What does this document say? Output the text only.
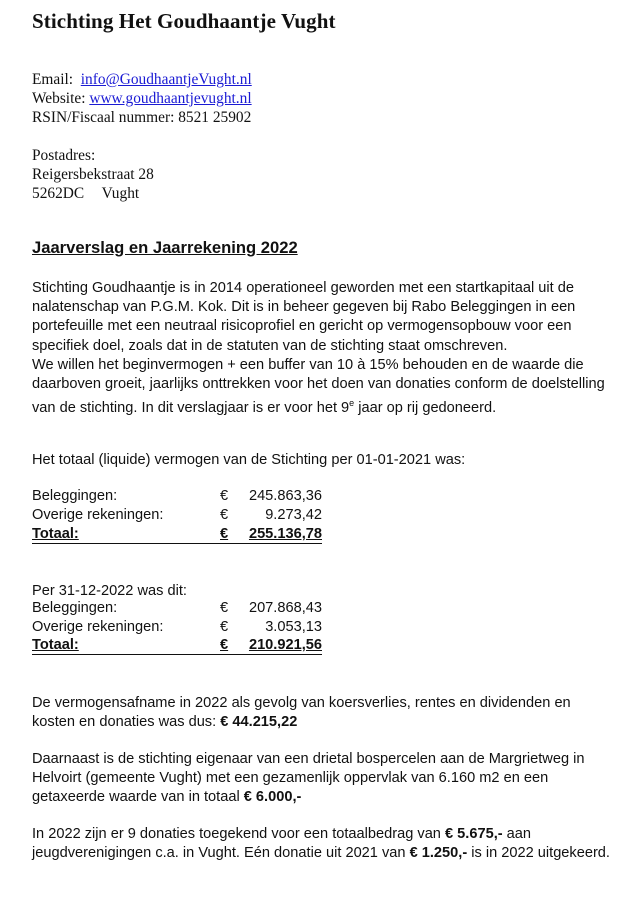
Stichting Het Goudhaantje Vught
Email: info@GoudhaantjeVught.nl
Website: www.goudhaantjevught.nl
RSIN/Fiscaal nummer: 8521 25902
Postadres:
Reigersbekstraat 28
5262DC Vught
Jaarverslag en Jaarrekening 2022

Stichting Goudhaantje is in 2014 operationeel geworden met een startkapitaal uit de nalatenschap van P.G.M. Kok. Dit is in beheer gegeven bij Rabo Beleggingen in een portefeuille met een neutraal risicoprofiel en gericht op vermogensopbouw voor een specifiek doel, zoals dat in de statuten van de stichting staat omschreven.

We willen het beginvermogen + een buffer van 10 à 15% behouden en de waarde die daarboven groeit, jaarlijks onttrekken voor het doen van donaties conform de doelstelling van de stichting. In dit verslagjaar is er voor het 9e jaar op rij gedoneerd.

Het totaal (liquide) vermogen van de Stichting per 01-01-2021 was:
Beleggingen:	€ 245.863,36
Overige rekeningen:	€	9.273,42
Totaal:	€ 255.136,78
Per 31-12-2022 was dit:
Beleggingen:	€ 207.868,43
Overige rekeningen:	€	3.053,13
Totaal:	€ 210.921,56
De vermogensafname in 2022 als gevolg van koersverlies, rentes en dividenden en kosten en donaties was dus: € 44.215,22
Daarnaast is de stichting eigenaar van een drietal bospercelen aan de Margrietweg in Helvoirt (gemeente Vught) met een gezamenlijk oppervlak van 6.160 m2 en een getaxeerde waarde van in totaal € 6.000,-
In 2022 zijn er 9 donaties toegekend voor een totaalbedrag van € 5.675,- aan jeugdverenigingen c.a. in Vught. Eén donatie uit 2021 van € 1.250,- is in 2022 uitgekeerd.
